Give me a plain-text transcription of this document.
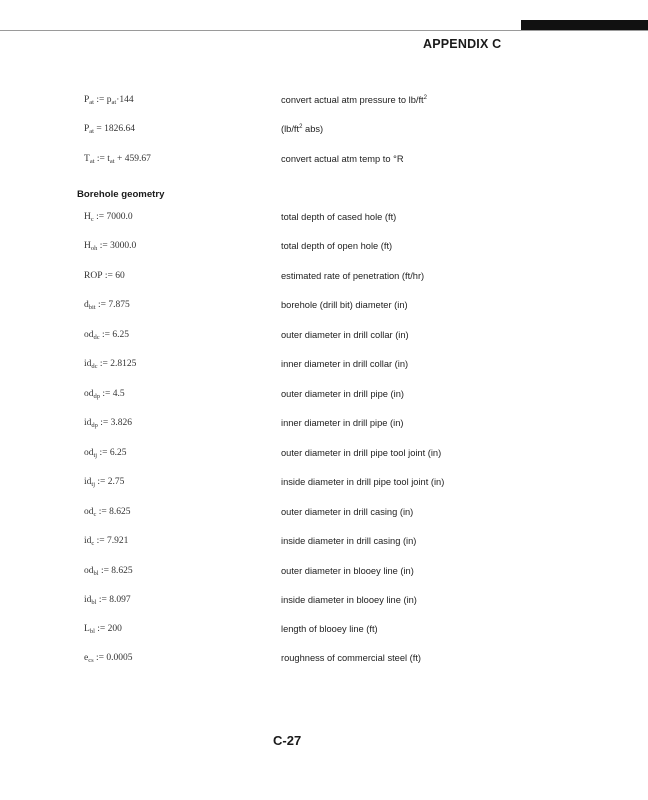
APPENDIX C
$P_{at}$ := $p_{at}\cdot 144$	convert actual atm pressure to $lb/ft^2$
$P_{at} = 1826.64$	($lb/ft^2$ abs)
$T_{at}$ := $t_{at} + 459.67$	convert actual atm temp to °R
Borehole geometry
$H_c$ := 7000.0	total depth of cased hole (ft)
$H_{oh}$ := 3000.0	total depth of open hole (ft)
ROP := 60	estimated rate of penetration (ft/hr)
$d_{bit}$ := 7.875	borehole (drill bit) diameter (in)
$od_{dc}$ := 6.25	outer diameter in drill collar (in)
$id_{dc}$ := 2.8125	inner diameter in drill collar (in)
$od_{dp}$ := 4.5	outer diameter in drill pipe (in)
$id_{dp}$ := 3.826	inner diameter in drill pipe (in)
$od_{tj}$ := 6.25	outer diameter in drill pipe tool joint (in)
$id_{tj}$ := 2.75	inside diameter in drill pipe tool joint (in)
$od_c$ := 8.625	outer diameter in drill casing (in)
$id_c$ := 7.921	inside diameter in drill casing (in)
$od_{bl}$ := 8.625	outer diameter in blooey line (in)
$id_{bl}$ := 8.097	inside diameter in blooey line (in)
$L_{bl}$ := 200	length of blooey line (ft)
$e_{cs}$ := 0.0005	roughness of commercial steel (ft)
C-27
